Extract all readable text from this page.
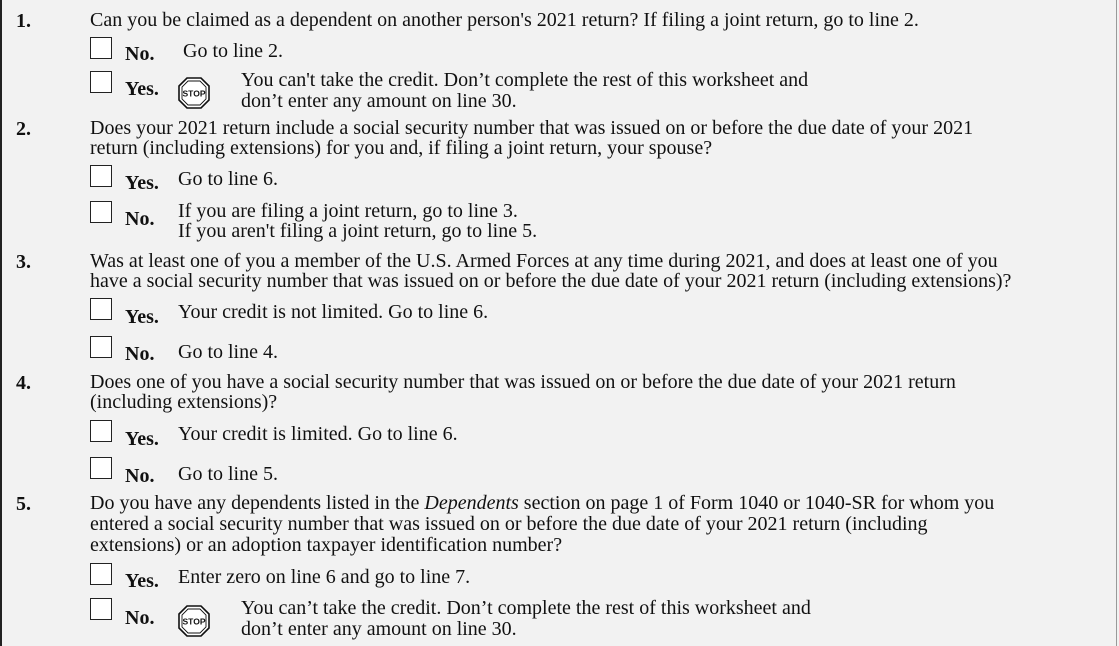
1.	Can you be claimed as a dependent on another person's 2021 return? If filing a joint return, go to line 2.
No. Go to line 2.
Yes.	STOP
You can't take the credit. Don’t complete the rest of this worksheet and
don’t enter any amount on line 30.
2.	Does your 2021 return include a social security number that was issued on or before the due date of your 2021
return (including extensions) for you and, if filing a joint return, your spouse?
Yes. Go to line 6.
No. If you are filing a joint return, go to line 3.
If you aren't filing a joint return, go to line 5.
3.	Was at least one of you a member of the U.S. Armed Forces at any time during 2021, and does at least one of you
have a social security number that was issued on or before the due date of your 2021 return (including extensions)?
Yes. Your credit is not limited. Go to line 6.
No. Go to line 4.
4.	Does one of you have a social security number that was issued on or before the due date of your 2021 return
(including extensions)?
Yes. Your credit is limited. Go to line 6.
No. Go to line 5.
5.	Do you have any dependents listed in the Dependents section on page 1 of Form 1040 or 1040-SR for whom you
entered a social security number that was issued on or before the due date of your 2021 return (including
extensions) or an adoption taxpayer identification number?
Yes. Enter zero on line 6 and go to line 7.
No.	STOP
You can’t take the credit. Don’t complete the rest of this worksheet and
don’t enter any amount on line 30.
